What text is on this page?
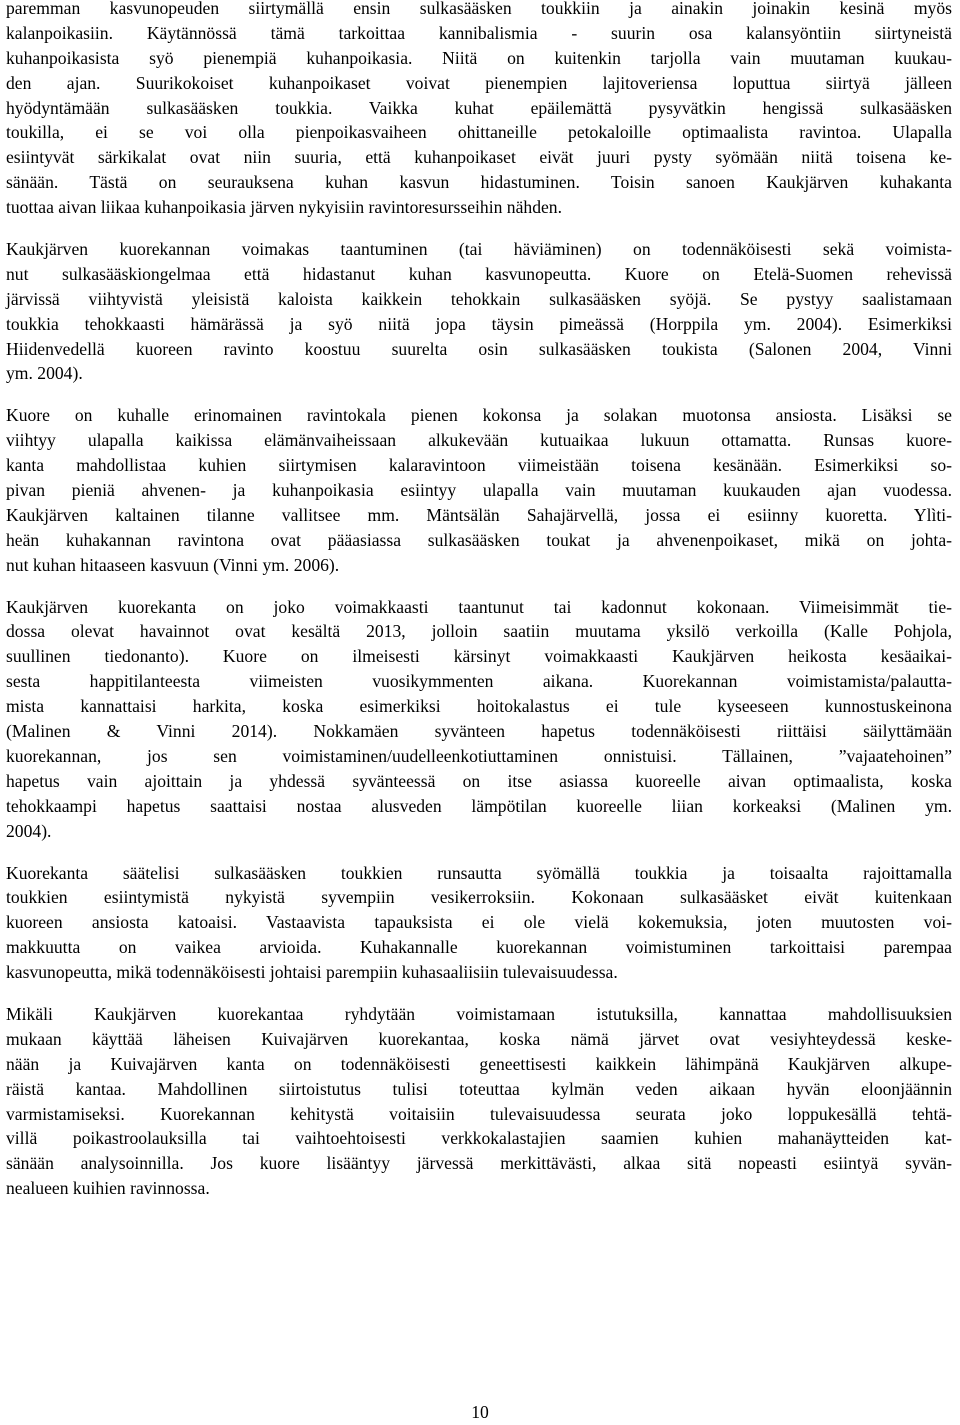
paremman kasvunopeuden siirtymällä ensin sulkasääsken toukkiin ja ainakin joinakin kesinä myös
kalanpoikasiin. Käytännössä tämä tarkoittaa kannibalismia - suurin osa kalansyöntiin siirtyneistä
kuhanpoikasista syö pienempiä kuhanpoikasia. Niitä on kuitenkin tarjolla vain muutaman kuukau-
den ajan. Suurikokoiset kuhanpoikaset voivat pienempien lajitoveriensa loputtua siirtyä jälleen
hyödyntämään sulkasääsken toukkia. Vaikka kuhat epäilemättä pysyvätkin hengissä sulkasääsken
toukilla, ei se voi olla pienpoikasvaiheen ohittaneille petokaloille optimaalista ravintoa. Ulapalla
esiintyvät särkikalat ovat niin suuria, että kuhanpoikaset eivät juuri pysty syömään niitä toisena ke-
sänään. Tästä on seurauksena kuhan kasvun hidastuminen. Toisin sanoen Kaukjärven kuhakanta
tuottaa aivan liikaa kuhanpoikasia järven nykyisiin ravintoresursseihin nähden.

Kaukjärven kuorekannan voimakas taantuminen (tai häviäminen) on todennäköisesti sekä voimista-
nut sulkasääskiongelmaa että hidastanut kuhan kasvunopeutta. Kuore on Etelä-Suomen rehevissä
järvissä viihtyvistä yleisistä kaloista kaikkein tehokkain sulkasääsken syöjä. Se pystyy saalistamaan
toukkia tehokkaasti hämärässä ja syö niitä jopa täysin pimeässä (Horppila ym. 2004). Esimerkiksi
Hiidenvedellä kuoreen ravinto koostuu suurelta osin sulkasääsken toukista (Salonen 2004, Vinni
ym. 2004).

Kuore on kuhalle erinomainen ravintokala pienen kokonsa ja solakan muotonsa ansiosta. Lisäksi se
viihtyy ulapalla kaikissa elämänvaiheissaan alkukevään kutuaikaa lukuun ottamatta. Runsas kuore-
kanta mahdollistaa kuhien siirtymisen kalaravintoon viimeistään toisena kesänään. Esimerkiksi so-
pivan pieniä ahvenen- ja kuhanpoikasia esiintyy ulapalla vain muutaman kuukauden ajan vuodessa.
Kaukjärven kaltainen tilanne vallitsee mm. Mäntsälän Sahajärvellä, jossa ei esiinny kuoretta. Ylìti-
heän kuhakannan ravintona ovat pääasiassa sulkasääsken toukat ja ahvenenpoikaset, mikä on johta-
nut kuhan hitaaseen kasvuun (Vinni ym. 2006).

Kaukjärven kuorekanta on joko voimakkaasti taantunut tai kadonnut kokonaan. Viimeisimmät tie-
dossa olevat havainnot ovat kesältä 2013, jolloin saatiin muutama yksilö verkoilla (Kalle Pohjola,
suullinen tiedonanto). Kuore on ilmeisesti kärsinyt voimakkaasti Kaukjärven heikosta kesäaikai-
sesta happitilanteesta viimeisten vuosikymmenten aikana. Kuorekannan voimistamista/palautta-
mista kannattaisi harkita, koska esimerkiksi hoitokalastus ei tule kyseeseen kunnostuskeinona
(Malinen & Vinni 2014). Nokkamäen syvänteen hapetus todennäköisesti riittäisi säilyttämään
kuorekannan, jos sen voimistaminen/uudelleenkotiuttaminen onnistuisi. Tällainen, ”vajaatehoinen”
hapetus vain ajoittain ja yhdessä syvänteessä on itse asiassa kuoreelle aivan optimaalista, koska
tehokkaampi hapetus saattaisi nostaa alusveden lämpötilan kuoreelle liian korkeaksi (Malinen ym.
2004).

Kuorekanta säätelisi sulkasääsken toukkien runsautta syömällä toukkia ja toisaalta rajoittamalla
toukkien esiintymistä nykyistä syvempiin vesikerroksiin. Kokonaan sulkasääsket eivät kuitenkaan
kuoreen ansiosta katoaisi. Vastaavista tapauksista ei ole vielä kokemuksia, joten muutosten voi-
makkuutta on vaikea arvioida. Kuhakannalle kuorekannan voimistuminen tarkoittaisi parempaa
kasvunopeutta, mikä todennäköisesti johtaisi parempiin kuhasaaliisiin tulevaisuudessa.

Mikäli Kaukjärven kuorekantaa ryhdytään voimistamaan istutuksilla, kannattaa mahdollisuuksien
mukaan käyttää läheisen Kuivajärven kuorekantaa, koska nämä järvet ovat vesiyhteydessä keske-
nään ja Kuivajärven kanta on todennäköisesti geneettisesti kaikkein lähimpänä Kaukjärven alkupe-
räistä kantaa. Mahdollinen siirtoistutus tulisi toteuttaa kylmän veden aikaan hyvän eloonjäännin
varmistamiseksi. Kuorekannan kehitystä voitaisiin tulevaisuudessa seurata joko loppukesällä tehtä-
villä poikastroolauksilla tai vaihtoehtoisesti verkkokalastajien saamien kuhien mahanäytteiden kat-
sänään analysoinnilla. Jos kuore lisääntyy järvessä merkittävästi, alkaa sitä nopeasti esiintyä syvän-
nealueen kuihien ravinnossa.

10
